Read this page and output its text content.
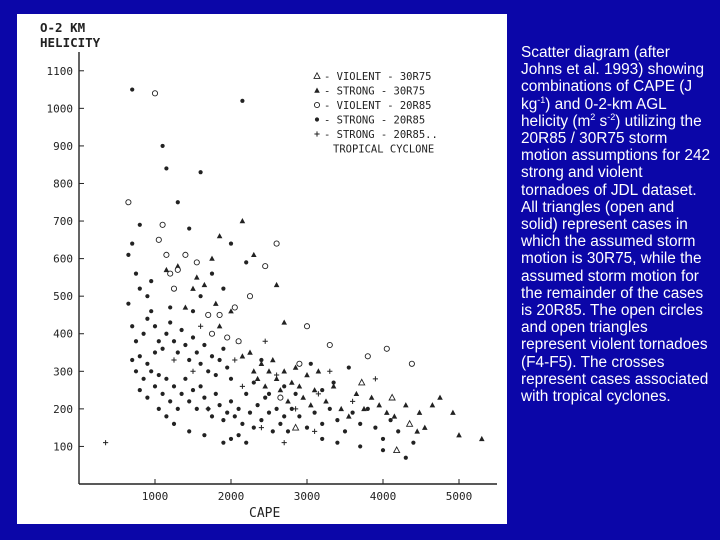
O-2 KM
HELICITY
CAPE
100
200
300
400
500
600
700
800
900
1000
1100
1000	2000	3000	4000	5000
- VIOLENT - 30R75
- STRONG - 30R75
- VIOLENT - 20R85
- STRONG - 20R85
- STRONG - 20R85..
TROPICAL CYCLONE
Scatter diagram (after Johns et al. 1993) showing combinations of CAPE (J $kg^{-1}$) and 0-2-km AGL helicity ($m^2$ $s^{-2}$) utilizing the 20R85 / 30R75 storm motion assumptions for 242 strong and violent tornadoes of JDL dataset. All triangles (open and solid) represent cases in which the assumed storm motion is 30R75, while the assumed storm motion for the remainder of the cases is 20R85. The open circles and open triangles represent violent tornadoes (F4-F5). The crosses represent cases associated with tropical cyclones.
